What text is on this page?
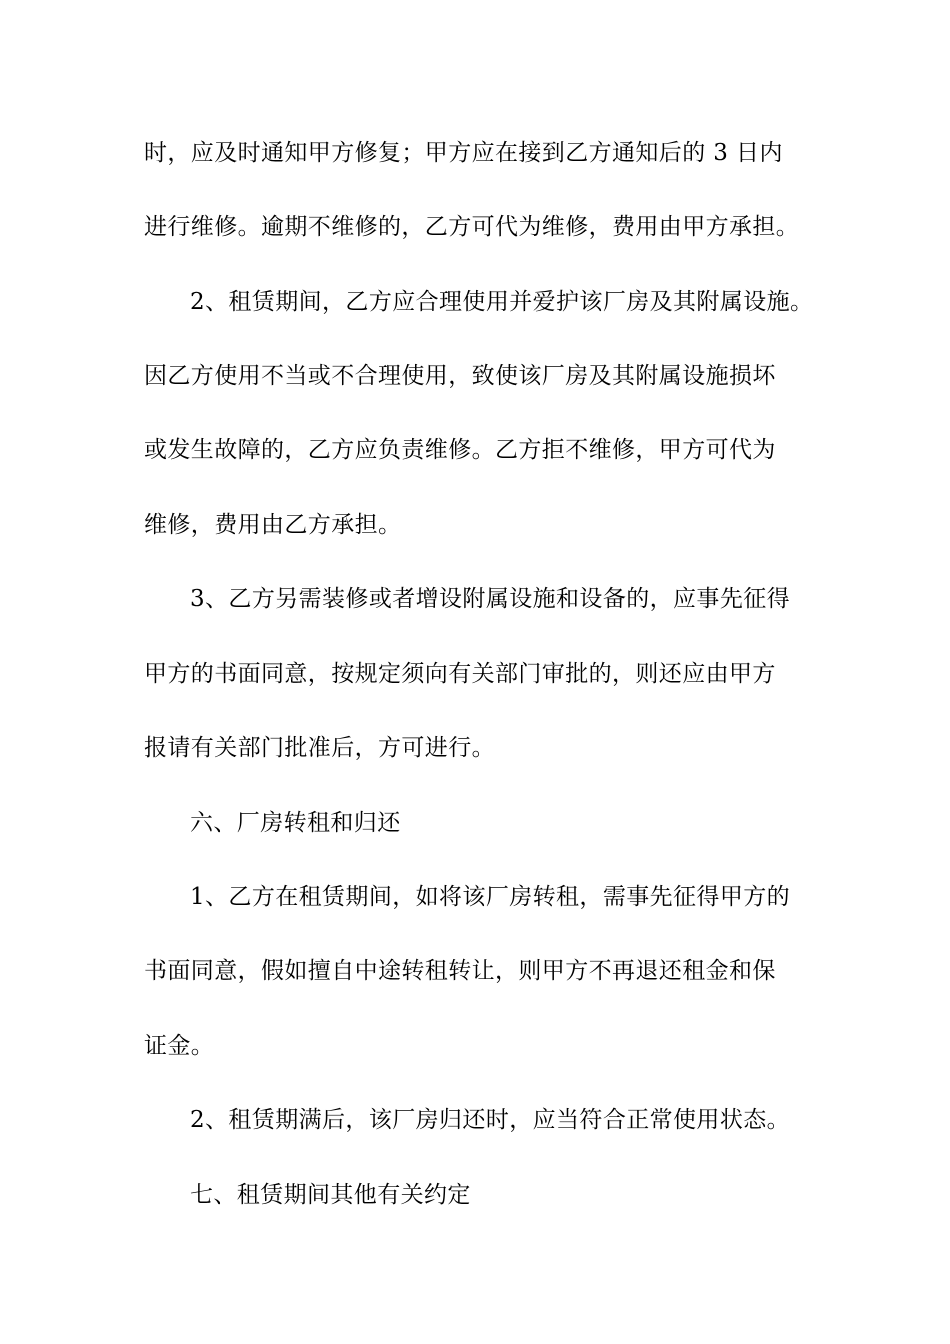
时，应及时通知甲方修复；甲方应在接到乙方通知后的 3 日内
进行维修。逾期不维修的，乙方可代为维修，费用由甲方承担。
2、租赁期间，乙方应合理使用并爱护该厂房及其附属设施。
因乙方使用不当或不合理使用，致使该厂房及其附属设施损坏
或发生故障的，乙方应负责维修。乙方拒不维修，甲方可代为
维修，费用由乙方承担。
3、乙方另需装修或者增设附属设施和设备的，应事先征得
甲方的书面同意，按规定须向有关部门审批的，则还应由甲方
报请有关部门批准后，方可进行。
六、厂房转租和归还
1、乙方在租赁期间，如将该厂房转租，需事先征得甲方的
书面同意，假如擅自中途转租转让，则甲方不再退还租金和保
证金。
2、租赁期满后，该厂房归还时，应当符合正常使用状态。
七、租赁期间其他有关约定
